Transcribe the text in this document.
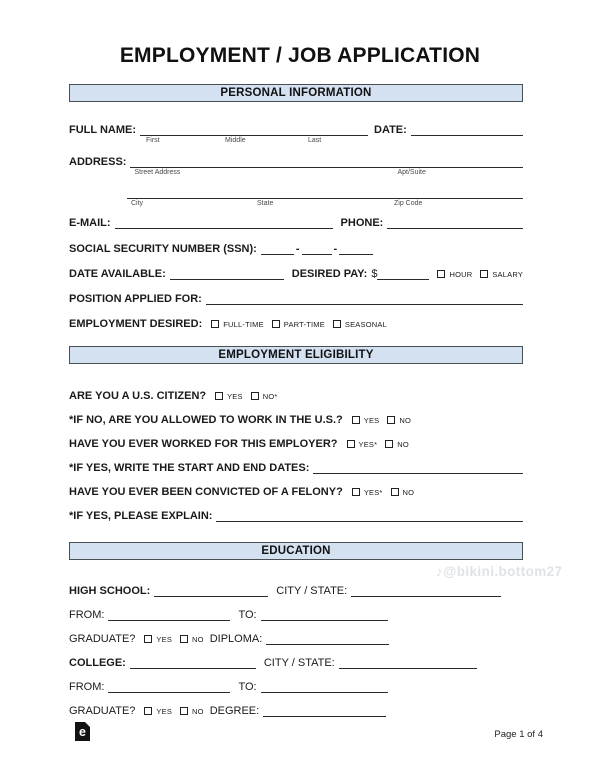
EMPLOYMENT / JOB APPLICATION
PERSONAL INFORMATION
FULL NAME:
First	Middle	Last
DATE:
ADDRESS:
Street Address	Apt/Suite
City	State	Zip Code
E-MAIL:	PHONE:
SOCIAL SECURITY NUMBER (SSN):	-	-
DATE AVAILABLE:	DESIRED PAY: $	HOUR	SALARY
POSITION APPLIED FOR:
EMPLOYMENT DESIRED:	FULL-TIME	PART-TIME	SEASONAL
EMPLOYMENT ELIGIBILITY
ARE YOU A U.S. CITIZEN?	YES	NO*
*IF NO, ARE YOU ALLOWED TO WORK IN THE U.S.?	YES	NO
HAVE YOU EVER WORKED FOR THIS EMPLOYER?	YES*	NO
*IF YES, WRITE THE START AND END DATES:
HAVE YOU EVER BEEN CONVICTED OF A FELONY?	YES*	NO
*IF YES, PLEASE EXPLAIN:
EDUCATION
HIGH SCHOOL:	CITY / STATE:
FROM:	TO:
GRADUATE?	YES	NO DIPLOMA:
COLLEGE:	CITY / STATE:
FROM:	TO:
GRADUATE?	YES	NO DEGREE:
♪@bikini.bottom27
e	Page 1 of 4
